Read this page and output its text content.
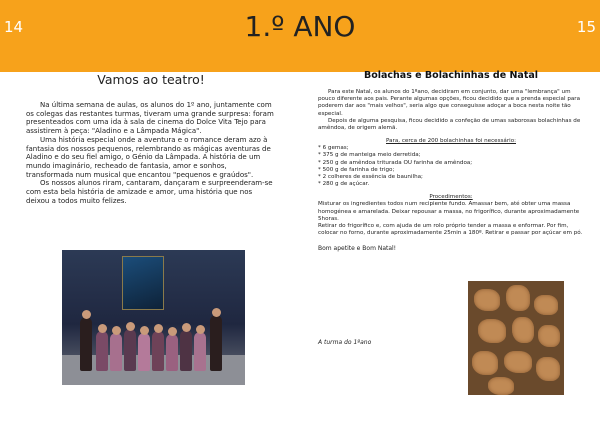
14	1.º ANO	15
Vamos ao teatro!

Na última semana de aulas, os alunos do 1º ano, juntamente com os colegas das restantes turmas, tiveram uma grande surpresa: foram presenteados com uma ida à sala de cinema do Dolce Vita Tejo para assistirem à peça: "Aladino e a Lâmpada Mágica".

Uma história especial onde a aventura e o romance deram azo à fantasia dos nossos pequenos, relembrando as mágicas aventuras de Aladino e do seu fiel amigo, o Génio da Lâmpada. A história de um mundo imaginário, recheado de fantasia, amor e sonhos, transformada num musical que encantou "pequenos e graúdos".

Os nossos alunos riram, cantaram, dançaram e surpreenderam-se com esta bela história de amizade e amor, uma história que nos deixou a todos muito felizes.

Bolachas e Bolachinhas de Natal

Para este Natal, os alunos do 1ºano, decidiram em conjunto, dar uma "lembrança" um pouco diferente aos pais. Perante algumas opções, ficou decidido que a prenda especial para poderem dar aos "mais velhos", seria algo que conseguisse adoçar a boca nesta noite tão especial.

Depois de alguma pesquisa, ficou decidido a confeção de umas saborosas bolachinhas de amêndoa, de origem alemã.

Para, cerca de 200 bolachinhas foi necessário:

* 6 gemas;

* 375 g de manteiga meio derretida;

* 250 g de amêndoa triturada OU farinha de amêndoa;

* 500 g de farinha de trigo;

* 2 colheres de essência de baunilha;

* 280 g de açúcar.

Procedimentos:

Misturar os ingredientes todos num recipiente fundo. Amassar bem, até obter uma massa homogénea e amarelada. Deixar repousar a massa, no frigorífico, durante aproximadamente 5horas.

Retirar do frigorífico e, com ajuda de um rolo próprio tender a massa e enformar. Por fim, colocar no forno, durante aproximadamente 25min a 180º. Retirar e passar por açúcar em pó.

Bom apetite e Bom Natal!

A turma do 1ºano
